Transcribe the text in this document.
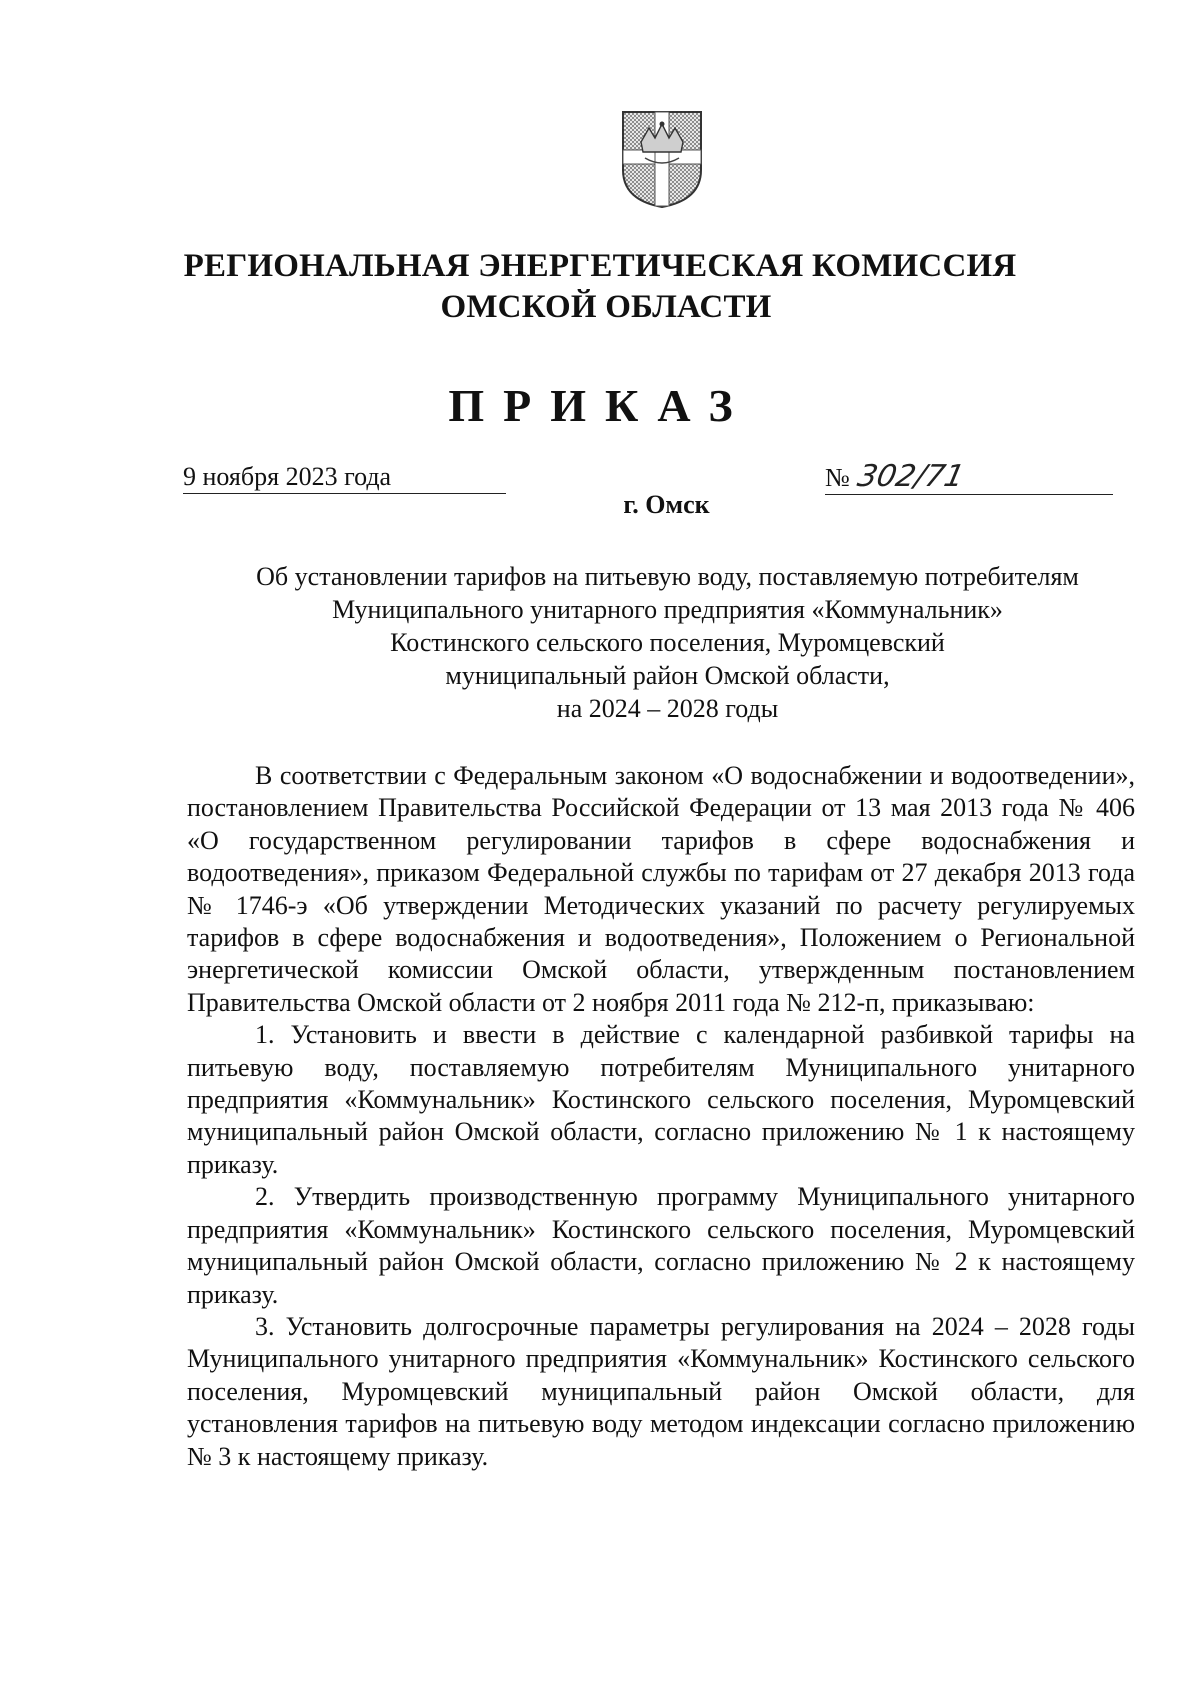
РЕГИОНАЛЬНАЯ ЭНЕРГЕТИЧЕСКАЯ КОМИССИЯ
ОМСКОЙ ОБЛАСТИ
ПРИКАЗ
9 ноября 2023 года	№ 302/71
г. Омск
Об установлении тарифов на питьевую воду, поставляемую потребителям
Муниципального унитарного предприятия «Коммунальник»
Костинского сельского поселения, Муромцевский
муниципальный район Омской области,
на 2024 – 2028 годы

В соответствии с Федеральным законом «О водоснабжении и водоотведении», постановлением Правительства Российской Федерации от 13 мая 2013 года № 406 «О государственном регулировании тарифов в сфере водоснабжения и водоотведения», приказом Федеральной службы по тарифам от 27 декабря 2013 года № 1746-э «Об утверждении Методических указаний по расчету регулируемых тарифов в сфере водоснабжения и водоотведения», Положением о Региональной энергетической комиссии Омской области, утвержденным постановлением Правительства Омской области от 2 ноября 2011 года № 212-п, приказываю:

1. Установить и ввести в действие с календарной разбивкой тарифы на питьевую воду, поставляемую потребителям Муниципального унитарного предприятия «Коммунальник» Костинского сельского поселения, Муромцевский муниципальный район Омской области, согласно приложению № 1 к настоящему приказу.

2. Утвердить производственную программу Муниципального унитарного предприятия «Коммунальник» Костинского сельского поселения, Муромцевский муниципальный район Омской области, согласно приложению № 2 к настоящему приказу.

3. Установить долгосрочные параметры регулирования на 2024 – 2028 годы Муниципального унитарного предприятия «Коммунальник» Костинского сельского поселения, Муромцевский муниципальный район Омской области, для установления тарифов на питьевую воду методом индексации согласно приложению № 3 к настоящему приказу.
